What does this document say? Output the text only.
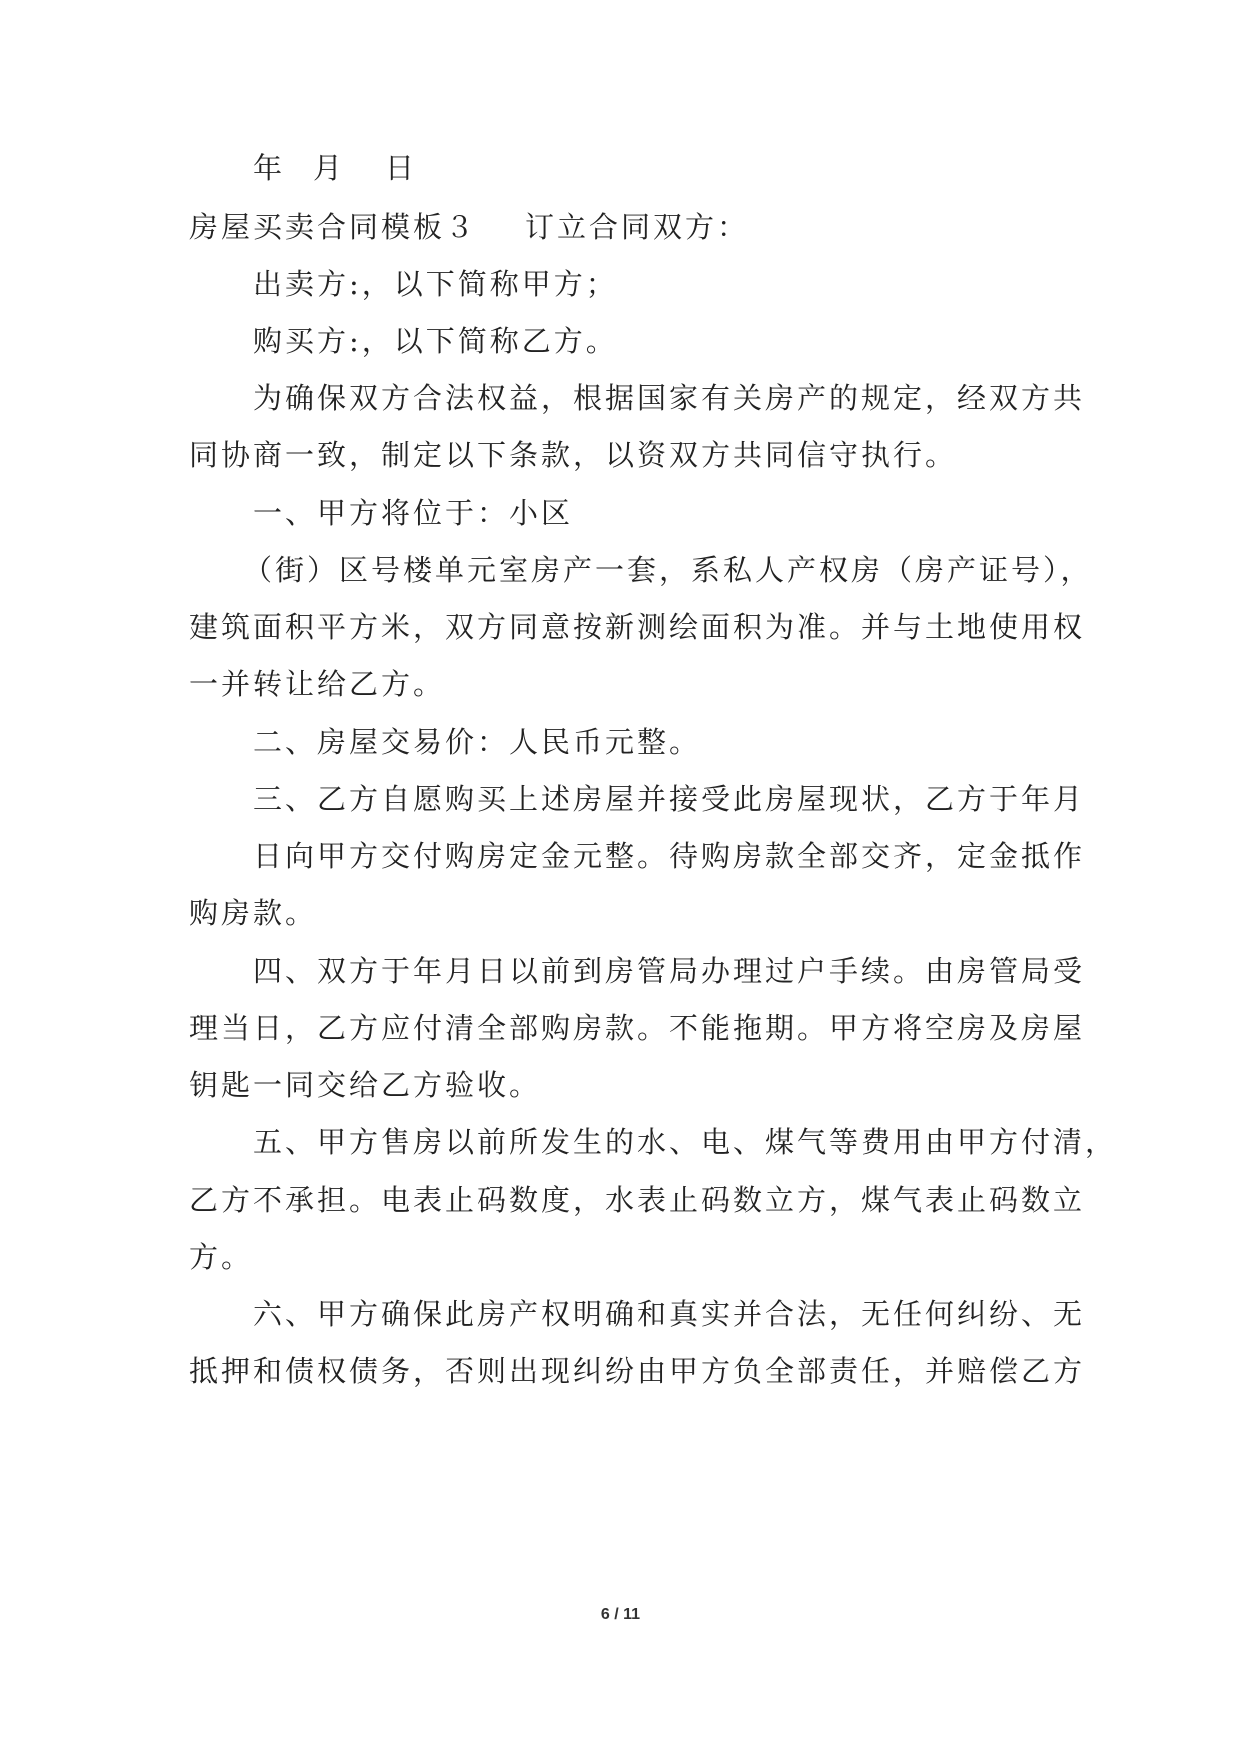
年 月 日
房屋买卖合同模板３ 订立合同双方：
出卖方:，以下简称甲方；
购买方:，以下简称乙方。
为确保双方合法权益，根据国家有关房产的规定，经双方共
同协商一致，制定以下条款，以资双方共同信守执行。
一、甲方将位于：小区
（街）区号楼单元室房产一套，系私人产权房（房产证号），
建筑面积平方米，双方同意按新测绘面积为准。并与土地使用权
一并转让给乙方。
二、房屋交易价：人民币元整。
三、乙方自愿购买上述房屋并接受此房屋现状，乙方于年月
日向甲方交付购房定金元整。待购房款全部交齐，定金抵作
购房款。
四、双方于年月日以前到房管局办理过户手续。由房管局受
理当日，乙方应付清全部购房款。不能拖期。甲方将空房及房屋
钥匙一同交给乙方验收。
五、甲方售房以前所发生的水、电、煤气等费用由甲方付清，
乙方不承担。电表止码数度，水表止码数立方，煤气表止码数立
方。
六、甲方确保此房产权明确和真实并合法，无任何纠纷、无
抵押和债权债务，否则出现纠纷由甲方负全部责任，并赔偿乙方
6 / 11
